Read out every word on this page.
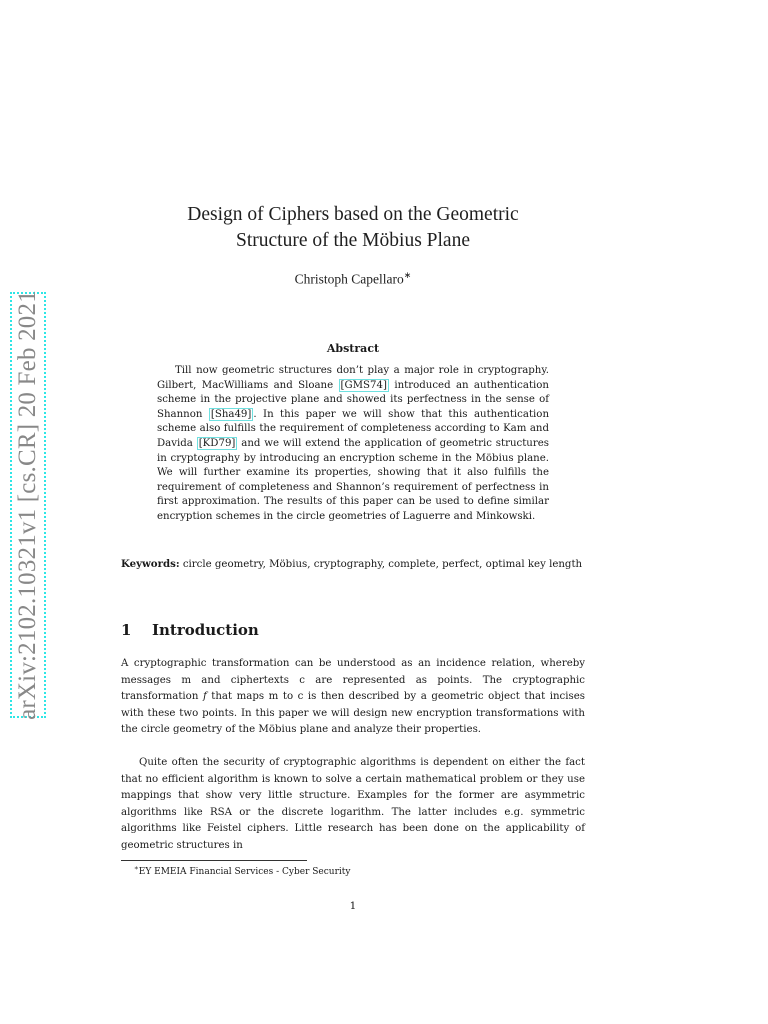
arXiv:2102.10321v1 [cs.CR] 20 Feb 2021
Design of Ciphers based on the Geometric
Structure of the Möbius Plane
Christoph Capellaro∗
Abstract
Till now geometric structures don’t play a major role in cryptography. Gilbert, MacWilliams and Sloane [GMS74] introduced an authentication scheme in the projective plane and showed its perfectness in the sense of Shannon [Sha49] . In this paper we will show that this authentication scheme also fulfills the requirement of completeness according to Kam and Davida [KD79] and we will extend the application of geometric structures in cryptography by introducing an encryption scheme in the Möbius plane. We will further examine its properties, showing that it also fulfills the requirement of completeness and Shannon’s requirement of perfectness in first approximation. The results of this paper can be used to define similar encryption schemes in the circle geometries of Laguerre and Minkowski.
Keywords: circle geometry, Möbius, cryptography, complete, perfect, optimal key length
1 Introduction
A cryptographic transformation can be understood as an incidence relation, whereby messages m and ciphertexts c are represented as points. The cryptographic transformation f that maps m to c is then described by a geometric object that incises with these two points. In this paper we will design new encryption transformations with the circle geometry of the Möbius plane and analyze their properties.
Quite often the security of cryptographic algorithms is dependent on either the fact that no efficient algorithm is known to solve a certain mathematical problem or they use mappings that show very little structure. Examples for the former are asymmetric algorithms like RSA or the discrete logarithm. The latter includes e.g. symmetric algorithms like Feistel ciphers. Little research has been done on the applicability of geometric structures in
∗EY EMEIA Financial Services - Cyber Security
1
